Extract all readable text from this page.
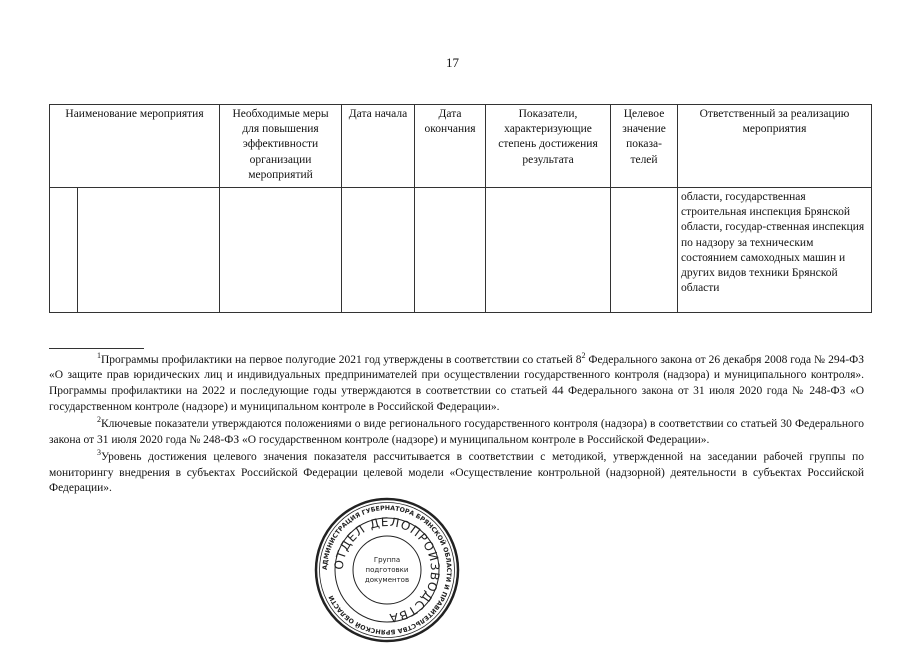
17
Наименование мероприятия		Необходимые меры для повышения эффективности организации мероприятий	Дата начала	Дата окончания	Показатели, характеризующие степень достижения результата	Целевое значение показа-телей	Ответственный за реализацию мероприятия
							области, государственная строительная инспекция Брянской области, государ-ственная инспекция по надзору за техническим состоянием самоходных машин и других видов техники Брянской области

$^1$Программы профилактики на первое полугодие 2021 год утверждены в соответствии со статьей $8^2$ Федерального закона от 26 декабря 2008 года № 294-ФЗ «О защите прав юридических лиц и индивидуальных предпринимателей при осуществлении государственного контроля (надзора) и муниципального контроля». Программы профилактики на 2022 и последующие годы утверждаются в соответствии со статьей 44 Федерального закона от 31 июля 2020 года № 248-ФЗ «О государственном контроле (надзоре) и муниципальном контроле в Российской Федерации».

$^2$Ключевые показатели утверждаются положениями о виде регионального государственного контроля (надзора) в соответствии со статьей 30 Федерального закона от 31 июля 2020 года № 248-ФЗ «О государственном контроле (надзоре) и муниципальном контроле в Российской Федерации».

$^3$Уровень достижения целевого значения показателя рассчитывается в соответствии с методикой, утвержденной на заседании рабочей группы по мониторингу внедрения в субъектах Российской Федерации целевой модели «Осуществление контрольной (надзорной) деятельности в субъектах Российской Федерации».

АДМИНИСТРАЦИЯ ГУБЕРНАТОРА БРЯНСКОЙ ОБЛАСТИ И ПРАВИТЕЛЬСТВА БРЯНСКОЙ ОБЛАСТИ
ОТДЕЛ ДЕЛОПРОИЗВОДСТВА
Группа
подготовки
документов
